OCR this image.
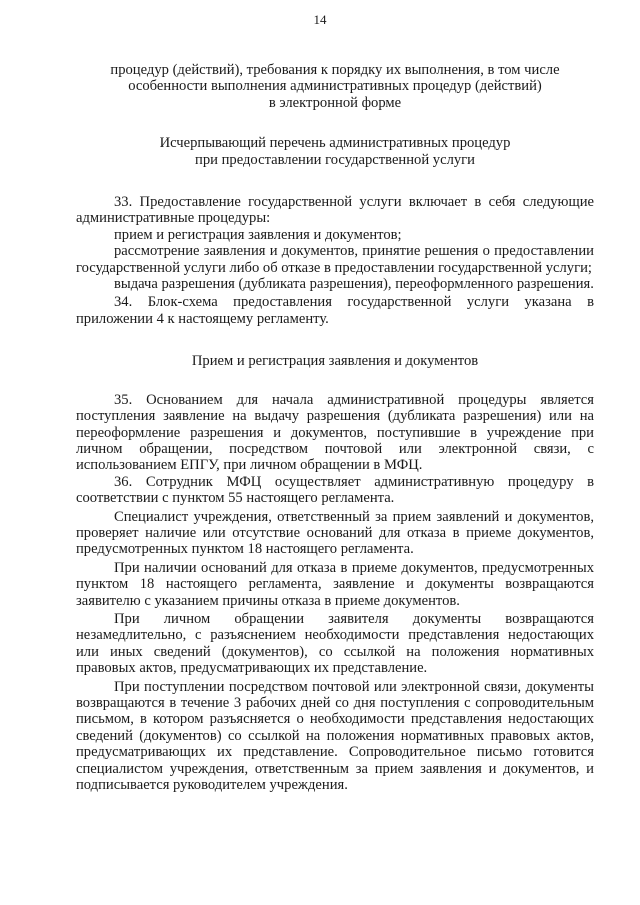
14
процедур (действий), требования к порядку их выполнения, в том числе
особенности выполнения административных процедур (действий)
в электронной форме
Исчерпывающий перечень административных процедур
при предоставлении государственной услуги

33. Предоставление государственной услуги включает в себя следующие административные процедуры:

прием и регистрация заявления и документов;

рассмотрение заявления и документов, принятие решения о предоставлении государственной услуги либо об отказе в предоставлении государственной услуги;

выдача разрешения (дубликата разрешения), переоформленного разрешения.

34. Блок-схема предоставления государственной услуги указана в приложении 4 к настоящему регламенту.

Прием и регистрация заявления и документов

35. Основанием для начала административной процедуры является поступления заявление на выдачу разрешения (дубликата разрешения) или на переоформление разрешения и документов, поступившие в учреждение при личном обращении, посредством почтовой или электронной связи, с использованием ЕПГУ, при личном обращении в МФЦ.

36. Сотрудник МФЦ осуществляет административную процедуру в соответствии с пунктом 55 настоящего регламента.

Специалист учреждения, ответственный за прием заявлений и документов, проверяет наличие или отсутствие оснований для отказа в приеме документов, предусмотренных пунктом 18 настоящего регламента.

При наличии оснований для отказа в приеме документов, предусмотренных пунктом 18 настоящего регламента, заявление и документы возвращаются заявителю с указанием причины отказа в приеме документов.

При личном обращении заявителя документы возвращаются незамедлительно, с разъяснением необходимости представления недостающих или иных сведений (документов), со ссылкой на положения нормативных правовых актов, предусматривающих их представление.

При поступлении посредством почтовой или электронной связи, документы возвращаются в течение 3 рабочих дней со дня поступления с сопроводительным письмом, в котором разъясняется о необходимости представления недостающих сведений (документов) со ссылкой на положения нормативных правовых актов, предусматривающих их представление. Сопроводительное письмо готовится специалистом учреждения, ответственным за прием заявления и документов, и подписывается руководителем учреждения.
